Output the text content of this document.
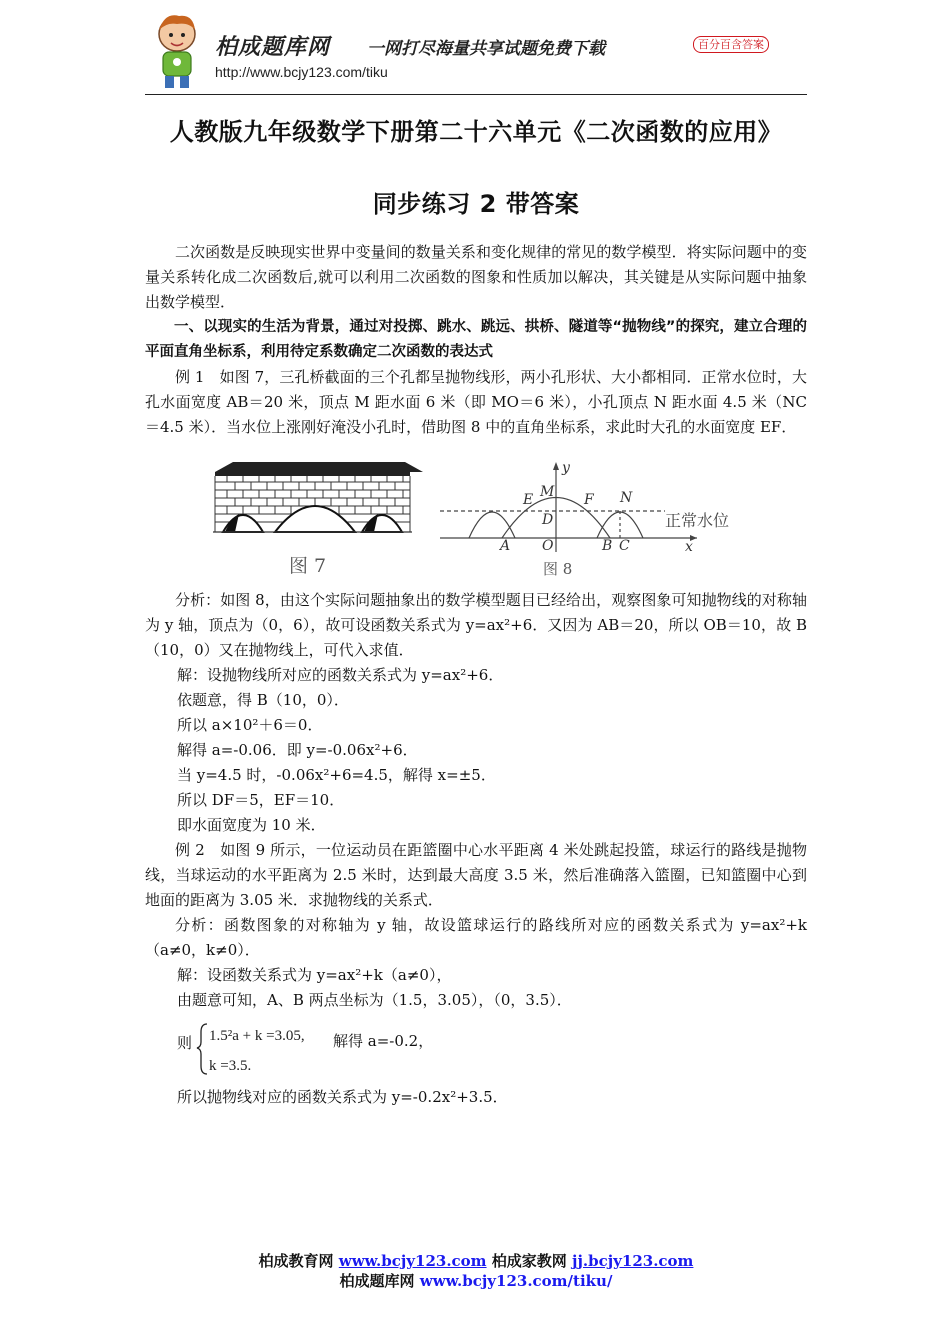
柏成题库网 一网打尽海量共享试题免费下载	百分百含答案
http://www.bcjy123.com/tiku
人教版九年级数学下册第二十六单元《二次函数的应用》
同步练习 2 带答案
二次函数是反映现实世界中变量间的数量关系和变化规律的常见的数学模型．将实际问题中的变量关系转化成二次函数后,就可以利用二次函数的图象和性质加以解决，其关键是从实际问题中抽象出数学模型．
一、以现实的生活为背景，通过对投掷、跳水、跳远、拱桥、隧道等“抛物线”的探究，建立合理的平面直角坐标系，利用待定系数确定二次函数的表达式
例 1　如图 7，三孔桥截面的三个孔都呈抛物线形，两小孔形状、大小都相同．正常水位时，大孔水面宽度 AB＝20 米，顶点 M 距水面 6 米（即 MO＝6 米），小孔顶点 N 距水面 4.5 米（NC＝4.5 米）．当水位上涨刚好淹没小孔时，借助图 8 中的直角坐标系，求此时大孔的水面宽度 EF．
图 7
y
x
E M F N
D
A O	B C
正常水位
图 8
分析：如图 8，由这个实际问题抽象出的数学模型题目已经给出，观察图象可知抛物线的对称轴为 y 轴，顶点为（0，6），故可设函数关系式为 y=ax²+6．又因为 AB＝20，所以 OB＝10，故 B（10，0）又在抛物线上，可代入求值．
解：设抛物线所对应的函数关系式为 y=ax²+6．
依题意，得 B（10，0）．
所以 a×10²＋6＝0．
解得 a=-0.06．即 y=-0.06x²+6．
当 y=4.5 时，-0.06x²+6=4.5，解得 x=±5．
所以 DF＝5，EF＝10．
即水面宽度为 10 米．
例 2　如图 9 所示，一位运动员在距篮圈中心水平距离 4 米处跳起投篮，球运行的路线是抛物线，当球运动的水平距离为 2.5 米时，达到最大高度 3.5 米，然后准确落入篮圈，已知篮圈中心到地面的距离为 3.05 米．求抛物线的关系式．
分析：函数图象的对称轴为 y 轴，故设篮球运行的路线所对应的函数关系式为 y=ax²+k（a≠0，k≠0）．
解：设函数关系式为 y=ax²+k（a≠0），
由题意可知，A、B 两点坐标为（1.5，3.05），（0，3.5）．
则 1.5²a + k =3.05,
k =3.5.
解得 a=-0.2，
所以抛物线对应的函数关系式为 y=-0.2x²+3.5．
柏成教育网 www.bcjy123.com 柏成家教网 jj.bcjy123.com
柏成题库网 www.bcjy123.com/tiku/
